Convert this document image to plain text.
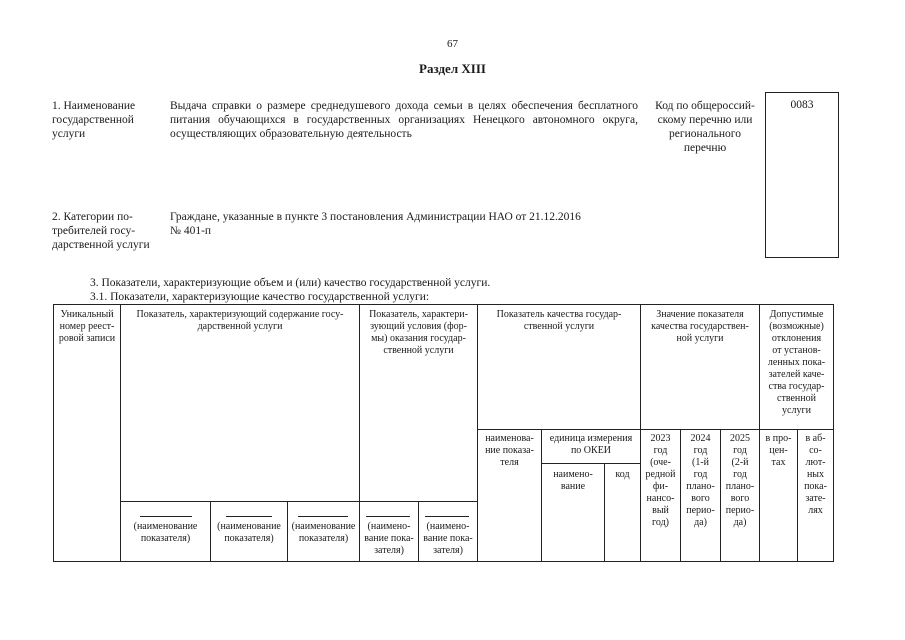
67
Раздел XIII
1. Наименование
государственной
услуги
Выдача справки о размере среднедушевого дохода семьи в целях обеспечения бесплатного питания обучающихся в государственных организациях Ненецкого автономного округа, осуществляющих образовательную деятельность
Код по общероссий-
скому перечню или
регионального
перечню
0083
2. Категории по-
требителей госу-
дарственной услуги
Граждане, указанные в пункте 3 постановления Администрации НАО от 21.12.2016
№ 401-п
3. Показатели, характеризующие объем и (или) качество государственной услуги.
3.1. Показатели, характеризующие качество государственной услуги:
Уникальный
номер реест-
ровой записи
Показатель, характеризующий содержание госу-
дарственной услуги
Показатель, характери-
зующий условия (фор-
мы) оказания государ-
ственной услуги
Показатель качества государ-
ственной услуги
Значение показателя
качества государствен-
ной услуги
Допустимые
(возможные)
отклонения
от установ-
ленных пока-
зателей каче-
ства государ-
ственной
услуги
наименова-
ние показа-
теля
единица измерения
по ОКЕИ
наимено-
вание
код
2023
год
(оче-
редной
фи-
нансо-
вый
год)
2024
год
(1-й
год
плано-
вого
перио-
да)
2025
год
(2-й
год
плано-
вого
перио-
да)
в про-
цен-
тах
в аб-
со-
лют-
ных
пока-
зате-
лях
(наименование
показателя)
(наименование
показателя)
(наименование
показателя)
(наимено-
вание пока-
зателя)
(наимено-
вание пока-
зателя)
